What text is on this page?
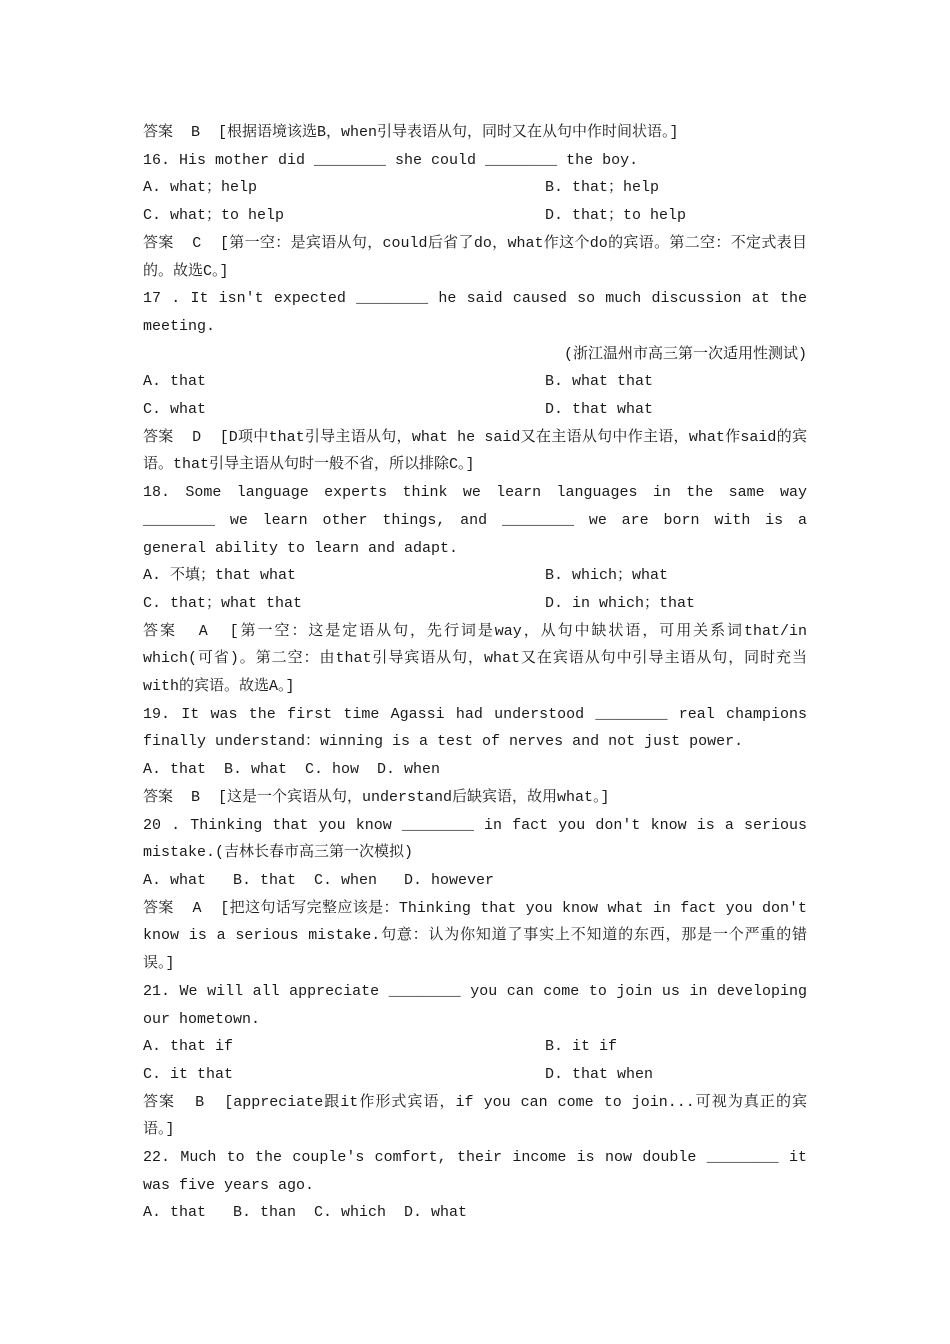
答案  B  [根据语境该选B，when引导表语从句，同时又在从句中作时间状语。]

16. His mother did ________ she could ________ the boy.

A. what；help	B. that；help
C. what；to help	D. that；to help

答案  C  [第一空：是宾语从句，could后省了do，what作这个do的宾语。第二空：不定式表目的。故选C。]

17 . It isn't expected ________ he said caused so much discussion at the meeting.

(浙江温州市高三第一次适用性测试)
A. that	B. what that
C. what	D. that what

答案  D  [D项中that引导主语从句，what he said又在主语从句中作主语，what作said的宾语。that引导主语从句时一般不省，所以排除C。]

18. Some language experts think we learn languages in the same way ________ we learn other things, and ________ we are born with is a general ability to learn and adapt.

A. 不填；that what	B. which；what
C. that；what that	D. in which；that

答案  A  [第一空：这是定语从句，先行词是way，从句中缺状语，可用关系词that/in which(可省)。第二空：由that引导宾语从句，what又在宾语从句中引导主语从句，同时充当with的宾语。故选A。]

19. It was the first time Agassi had understood ________ real champions finally understand：winning is a test of nerves and not just power.

A. that  B. what  C. how  D. when

答案  B  [这是一个宾语从句，understand后缺宾语，故用what。]

20 . Thinking that you know ________ in fact you don't know is a serious mistake.(吉林长春市高三第一次模拟)

A. what   B. that  C. when   D. however

答案  A  [把这句话写完整应该是：Thinking that you know what in fact you don't know is a serious mistake.句意：认为你知道了事实上不知道的东西，那是一个严重的错误。]

21. We will all appreciate ________ you can come to join us in developing our hometown.

A. that if	B. it if
C. it that	D. that when

答案  B  [appreciate跟it作形式宾语，if you can come to join...可视为真正的宾语。]

22. Much to the couple's comfort, their income is now double ________ it was five years ago.

A. that   B. than  C. which  D. what
